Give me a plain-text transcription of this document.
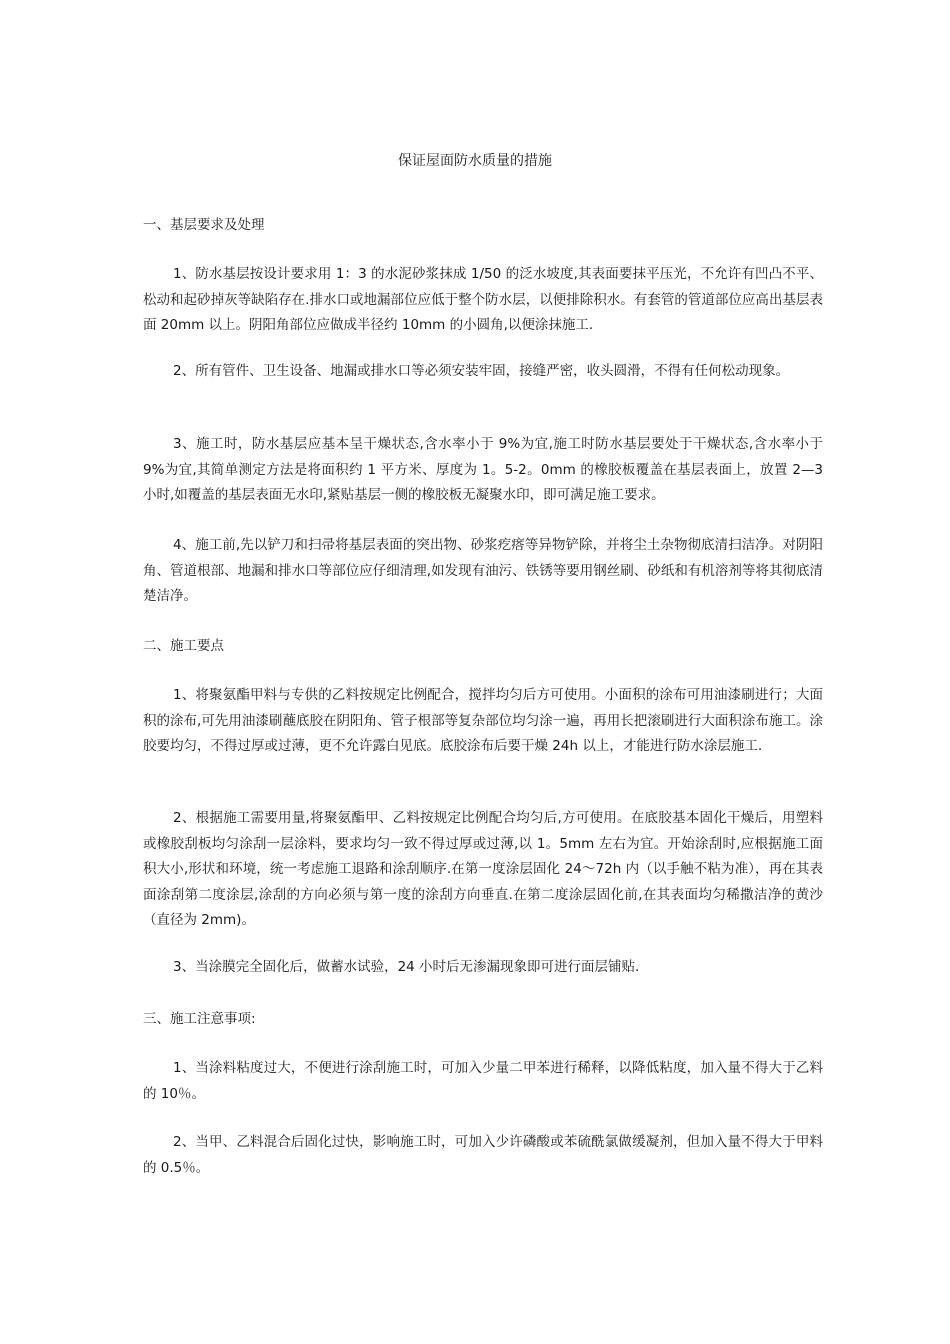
保证屋面防水质量的措施
一、基层要求及处理

1、防水基层按设计要求用 1：3 的水泥砂浆抹成 1/50 的泛水坡度,其表面要抹平压光，不允许有凹凸不平、松动和起砂掉灰等缺陷存在.排水口或地漏部位应低于整个防水层，以便排除积水。有套管的管道部位应高出基层表面 20mm 以上。阴阳角部位应做成半径约 10mm 的小圆角,以便涂抹施工.

2、所有管件、卫生设备、地漏或排水口等必须安装牢固，接缝严密，收头圆滑，不得有任何松动现象。

3、施工时，防水基层应基本呈干燥状态,含水率小于 9%为宜,施工时防水基层要处于干燥状态,含水率小于 9%为宜,其简单测定方法是将面积约 1 平方米、厚度为 1。5-2。0mm 的橡胶板覆盖在基层表面上，放置 2—3 小时,如覆盖的基层表面无水印,紧贴基层一侧的橡胶板无凝聚水印，即可满足施工要求。

4、施工前,先以铲刀和扫帚将基层表面的突出物、砂浆疙瘩等异物铲除，并将尘土杂物彻底清扫洁净。对阴阳角、管道根部、地漏和排水口等部位应仔细清理,如发现有油污、铁锈等要用钢丝刷、砂纸和有机溶剂等将其彻底清楚洁净。

二、施工要点

1、将聚氨酯甲料与专供的乙料按规定比例配合，搅拌均匀后方可使用。小面积的涂布可用油漆刷进行；大面积的涂布,可先用油漆刷蘸底胶在阴阳角、管子根部等复杂部位均匀涂一遍，再用长把滚刷进行大面积涂布施工。涂胶要均匀，不得过厚或过薄，更不允许露白见底。底胶涂布后要干燥 24h 以上，才能进行防水涂层施工.

2、根据施工需要用量,将聚氨酯甲、乙料按规定比例配合均匀后,方可使用。在底胶基本固化干燥后，用塑料或橡胶刮板均匀涂刮一层涂料，要求均匀一致不得过厚或过薄,以 1。5mm 左右为宜。开始涂刮时,应根据施工面积大小,形状和环境，统一考虑施工退路和涂刮顺序.在第一度涂层固化 24～72h 内（以手触不粘为准），再在其表面涂刮第二度涂层,涂刮的方向必须与第一度的涂刮方向垂直.在第二度涂层固化前,在其表面均匀稀撒洁净的黄沙（直径为 2mm)。

3、当涂膜完全固化后，做蓄水试验，24 小时后无渗漏现象即可进行面层铺贴.

三、施工注意事项:

1、当涂料粘度过大，不便进行涂刮施工时，可加入少量二甲苯进行稀释，以降低粘度，加入量不得大于乙料的 10％。

2、当甲、乙料混合后固化过快，影响施工时，可加入少许磷酸或苯硫酰氯做缓凝剂，但加入量不得大于甲料的 0.5％。
